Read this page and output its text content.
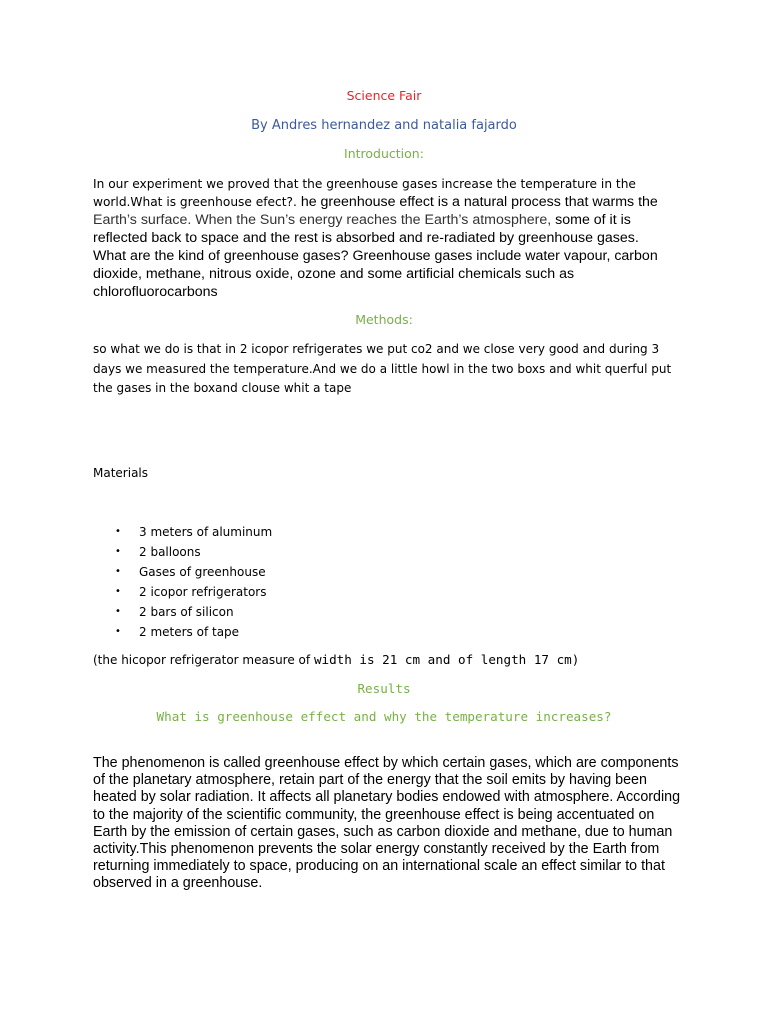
Science Fair
By Andres hernandez and natalia fajardo
Introduction:
In our experiment we proved that the greenhouse gases increase the temperature in the world.What is greenhouse efect?. he greenhouse effect is a natural process that warms the Earth’s surface. When the Sun’s energy reaches the Earth’s atmosphere, some of it is reflected back to space and the rest is absorbed and re-radiated by greenhouse gases. What are the kind of greenhouse gases? Greenhouse gases include water vapour, carbon dioxide, methane, nitrous oxide, ozone and some artificial chemicals such as chlorofluorocarbons
Methods:
so what we do is that in 2 icopor refrigerates we put co2 and we close very good and during 3 days we measured the temperature.And we do a little howl in the two boxs and whit querful put the gases in the boxand clouse whit a tape
Materials
• 3 meters of aluminum
• 2 balloons
• Gases of greenhouse
• 2 icopor refrigerators
• 2 bars of silicon
• 2 meters of tape
(the hicopor refrigerator measure of width is 21 cm and of length 17 cm)
Results
What is greenhouse effect and why the temperature increases?
The phenomenon is called greenhouse effect by which certain gases, which are components of the planetary atmosphere, retain part of the energy that the soil emits by having been heated by solar radiation. It affects all planetary bodies endowed with atmosphere. According to the majority of the scientific community, the greenhouse effect is being accentuated on Earth by the emission of certain gases, such as carbon dioxide and methane, due to human activity.This phenomenon prevents the solar energy constantly received by the Earth from returning immediately to space, producing on an international scale an effect similar to that observed in a greenhouse.
